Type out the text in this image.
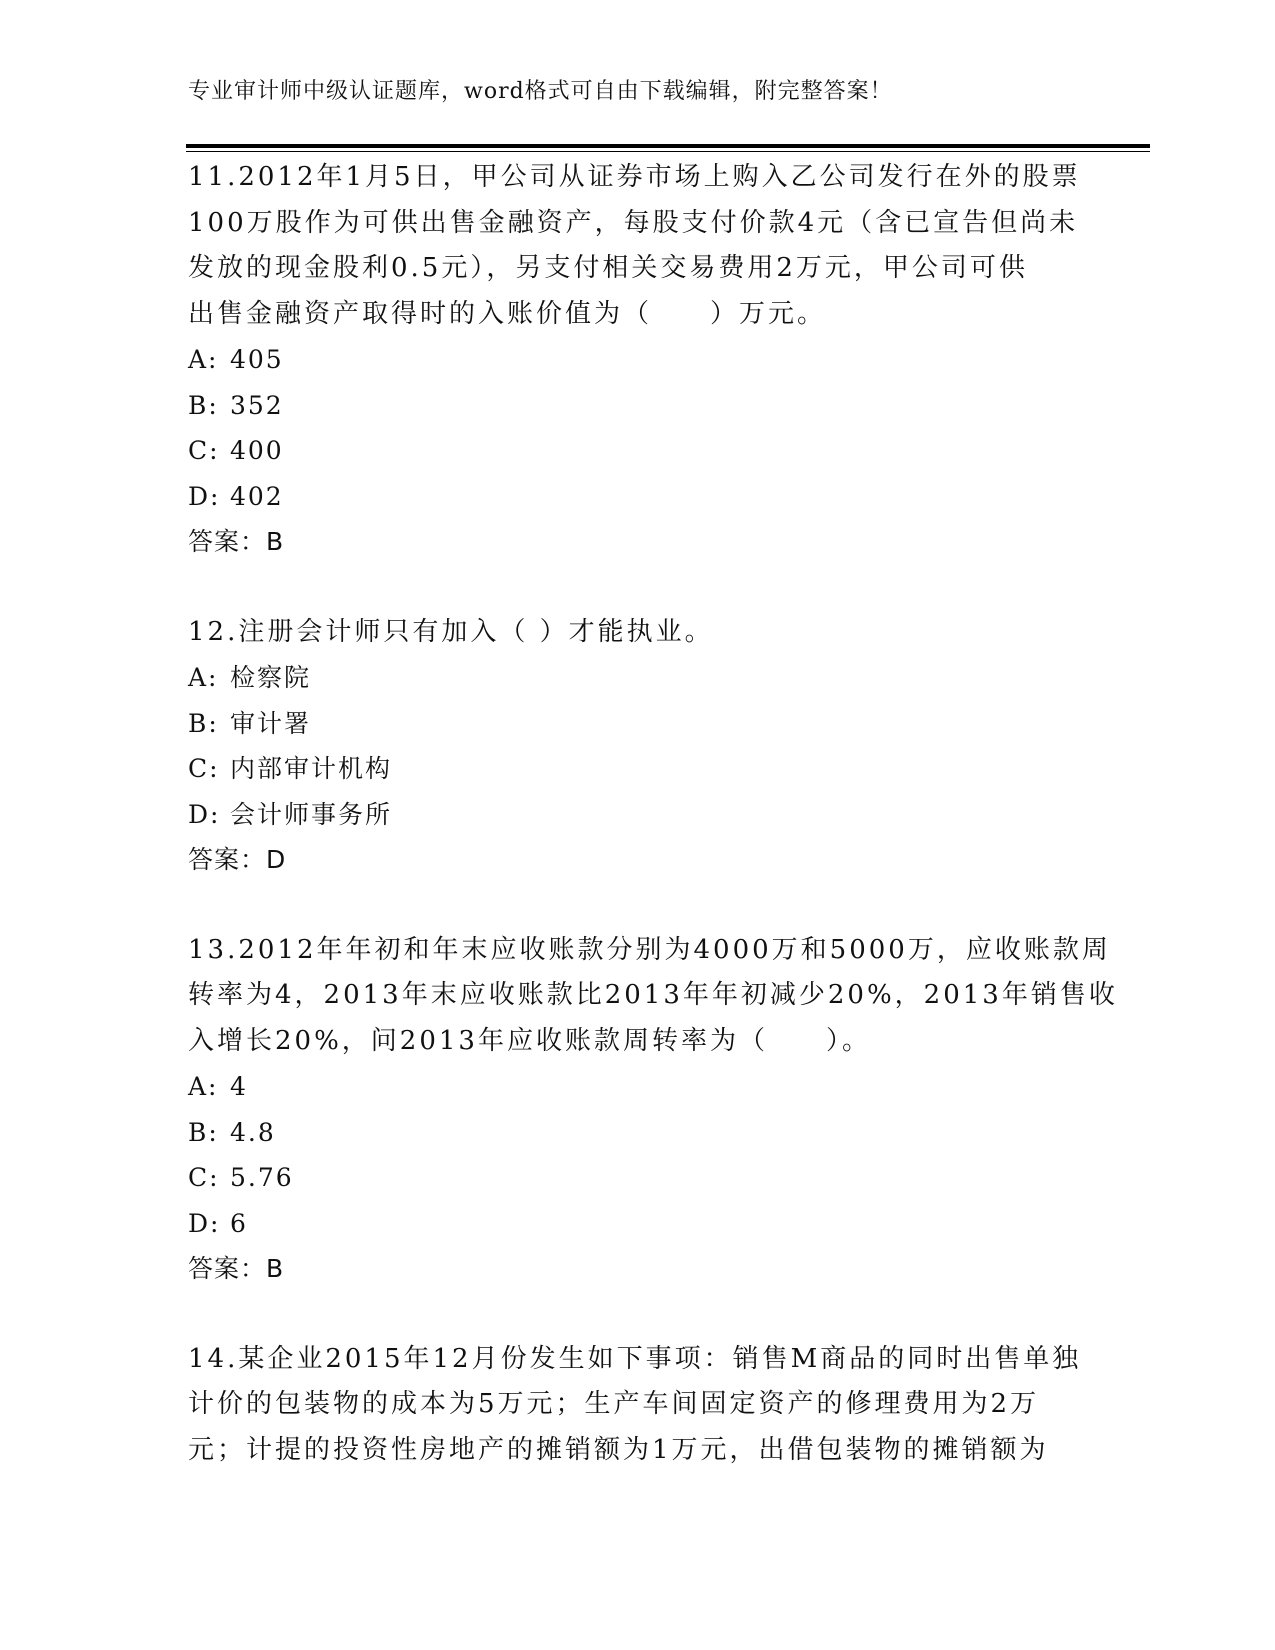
专业审计师中级认证题库，word格式可自由下载编辑，附完整答案！
11.2012年1月5日，甲公司从证券市场上购入乙公司发行在外的股票
100万股作为可供出售金融资产，每股支付价款4元（含已宣告但尚未
发放的现金股利0.5元），另支付相关交易费用2万元，甲公司可供
出售金融资产取得时的入账价值为（　　）万元。
A: 405
B: 352
C: 400
D: 402
答案：B
12.注册会计师只有加入（ ）才能执业。
A: 检察院
B: 审计署
C: 内部审计机构
D: 会计师事务所
答案：D
13.2012年年初和年末应收账款分别为4000万和5000万，应收账款周
转率为4，2013年末应收账款比2013年年初减少20%，2013年销售收
入增长20%，问2013年应收账款周转率为（　　）。
A: 4
B: 4.8
C: 5.76
D: 6
答案：B
14.某企业2015年12月份发生如下事项：销售M商品的同时出售单独
计价的包装物的成本为5万元；生产车间固定资产的修理费用为2万
元；计提的投资性房地产的摊销额为1万元，出借包装物的摊销额为
